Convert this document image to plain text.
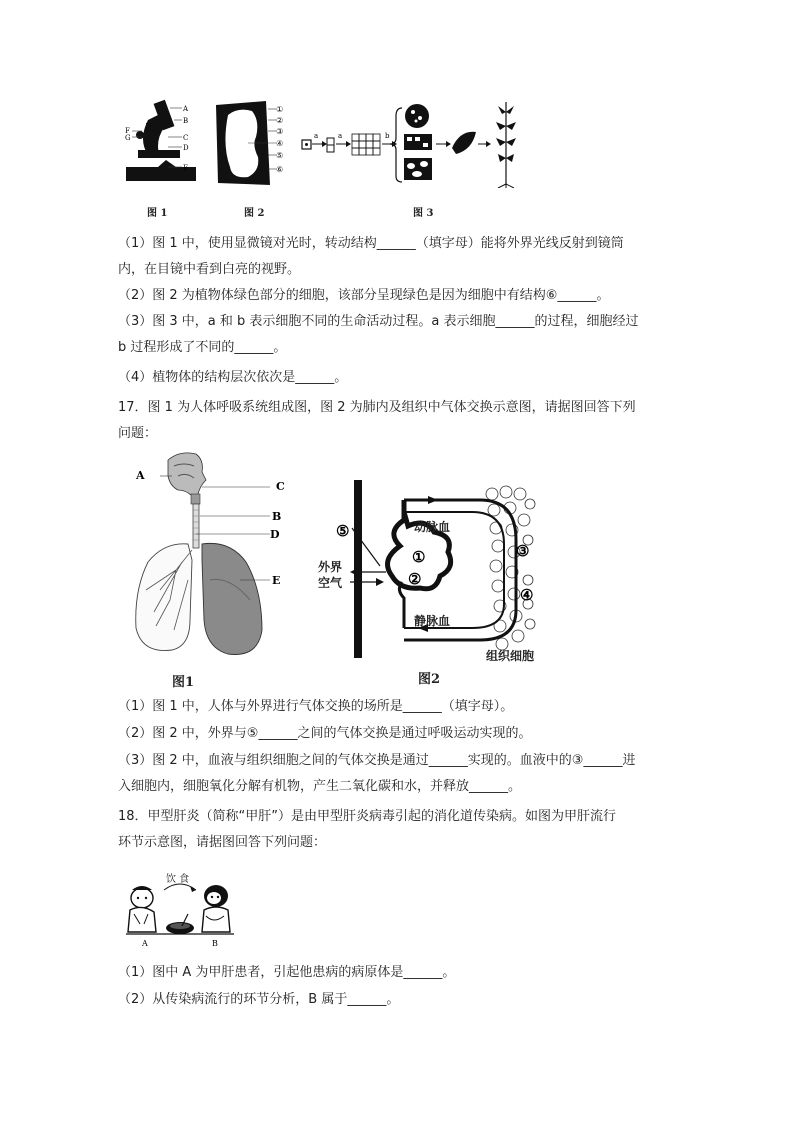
A
B
C
D
E
F
G
①
②
③
④
⑤
⑥
a	a	b
图 1	图 2	图 3
（1）图 1 中，使用显微镜对光时，转动结构______（填字母）能将外界光线反射到镜筒
内，在目镜中看到白亮的视野。
（2）图 2 为植物体绿色部分的细胞，该部分呈现绿色是因为细胞中有结构⑥______。
（3）图 3 中，a 和 b 表示细胞不同的生命活动过程。a 表示细胞______的过程，细胞经过
b 过程形成了不同的______。
（4）植物体的结构层次依次是______。
17．图 1 为人体呼吸系统组成图，图 2 为肺内及组织中气体交换示意图，请据图回答下列
问题：
A
C
B
D
E
图1
⑤
①
②
③
④
动脉血
静脉血
外界
空气
组织细胞
图2
（1）图 1 中，人体与外界进行气体交换的场所是______（填字母）。
（2）图 2 中，外界与⑤______之间的气体交换是通过呼吸运动实现的。
（3）图 2 中，血液与组织细胞之间的气体交换是通过______实现的。血液中的③______进
入细胞内，细胞氧化分解有机物，产生二氧化碳和水，并释放______。
18．甲型肝炎（简称“甲肝”）是由甲型肝炎病毒引起的消化道传染病。如图为甲肝流行
环节示意图，请据图回答下列问题：
A	B
饮 食
（1）图中 A 为甲肝患者，引起他患病的病原体是______。
（2）从传染病流行的环节分析，B 属于______。
